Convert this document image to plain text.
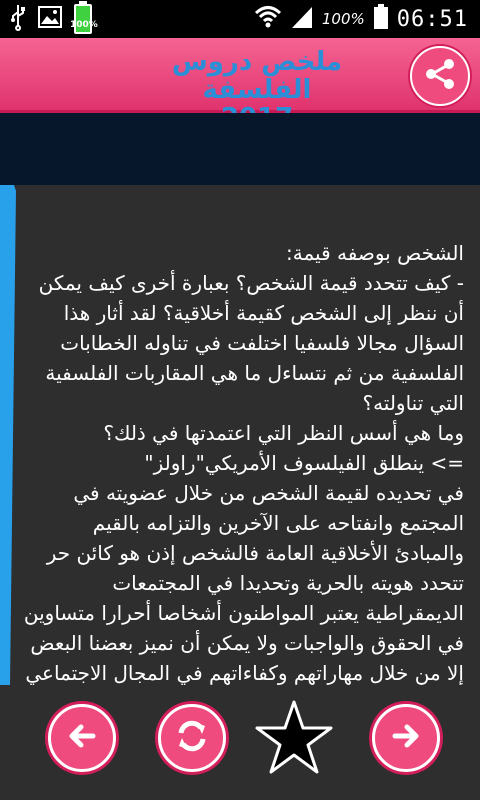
100%	100% 06:51
ملخص دروس الفلسفة

الشخص بوصفه قيمة:

- كيف تتحدد قيمة الشخص؟ بعبارة أخرى كيف يمكن أن ننظر إلى الشخص كقيمة أخلاقية؟ لقد أثار هذا السؤال مجالا فلسفيا اختلفت في تناوله الخطابات الفلسفية من ثم نتساءل ما هي المقاربات الفلسفية التي تناولته؟

وما هي أسس النظر التي اعتمدتها في ذلك؟

=> ينطلق الفيلسوف الأمريكي"راولز"

في تحديده لقيمة الشخص من خلال عضويته في المجتمع وانفتاحه على الآخرين والتزامه بالقيم والمبادئ الأخلاقية العامة فالشخص إذن هو كائن حر تتحدد هويته بالحرية وتحديدا في المجتمعات الديمقراطية يعتبر المواطنون أشخاصا أحرارا متساوين في الحقوق والواجبات ولا يمكن أن نميز بعضنا البعض إلا من خلال مهاراتهم وكفاءاتهم في المجال الاجتماعي
